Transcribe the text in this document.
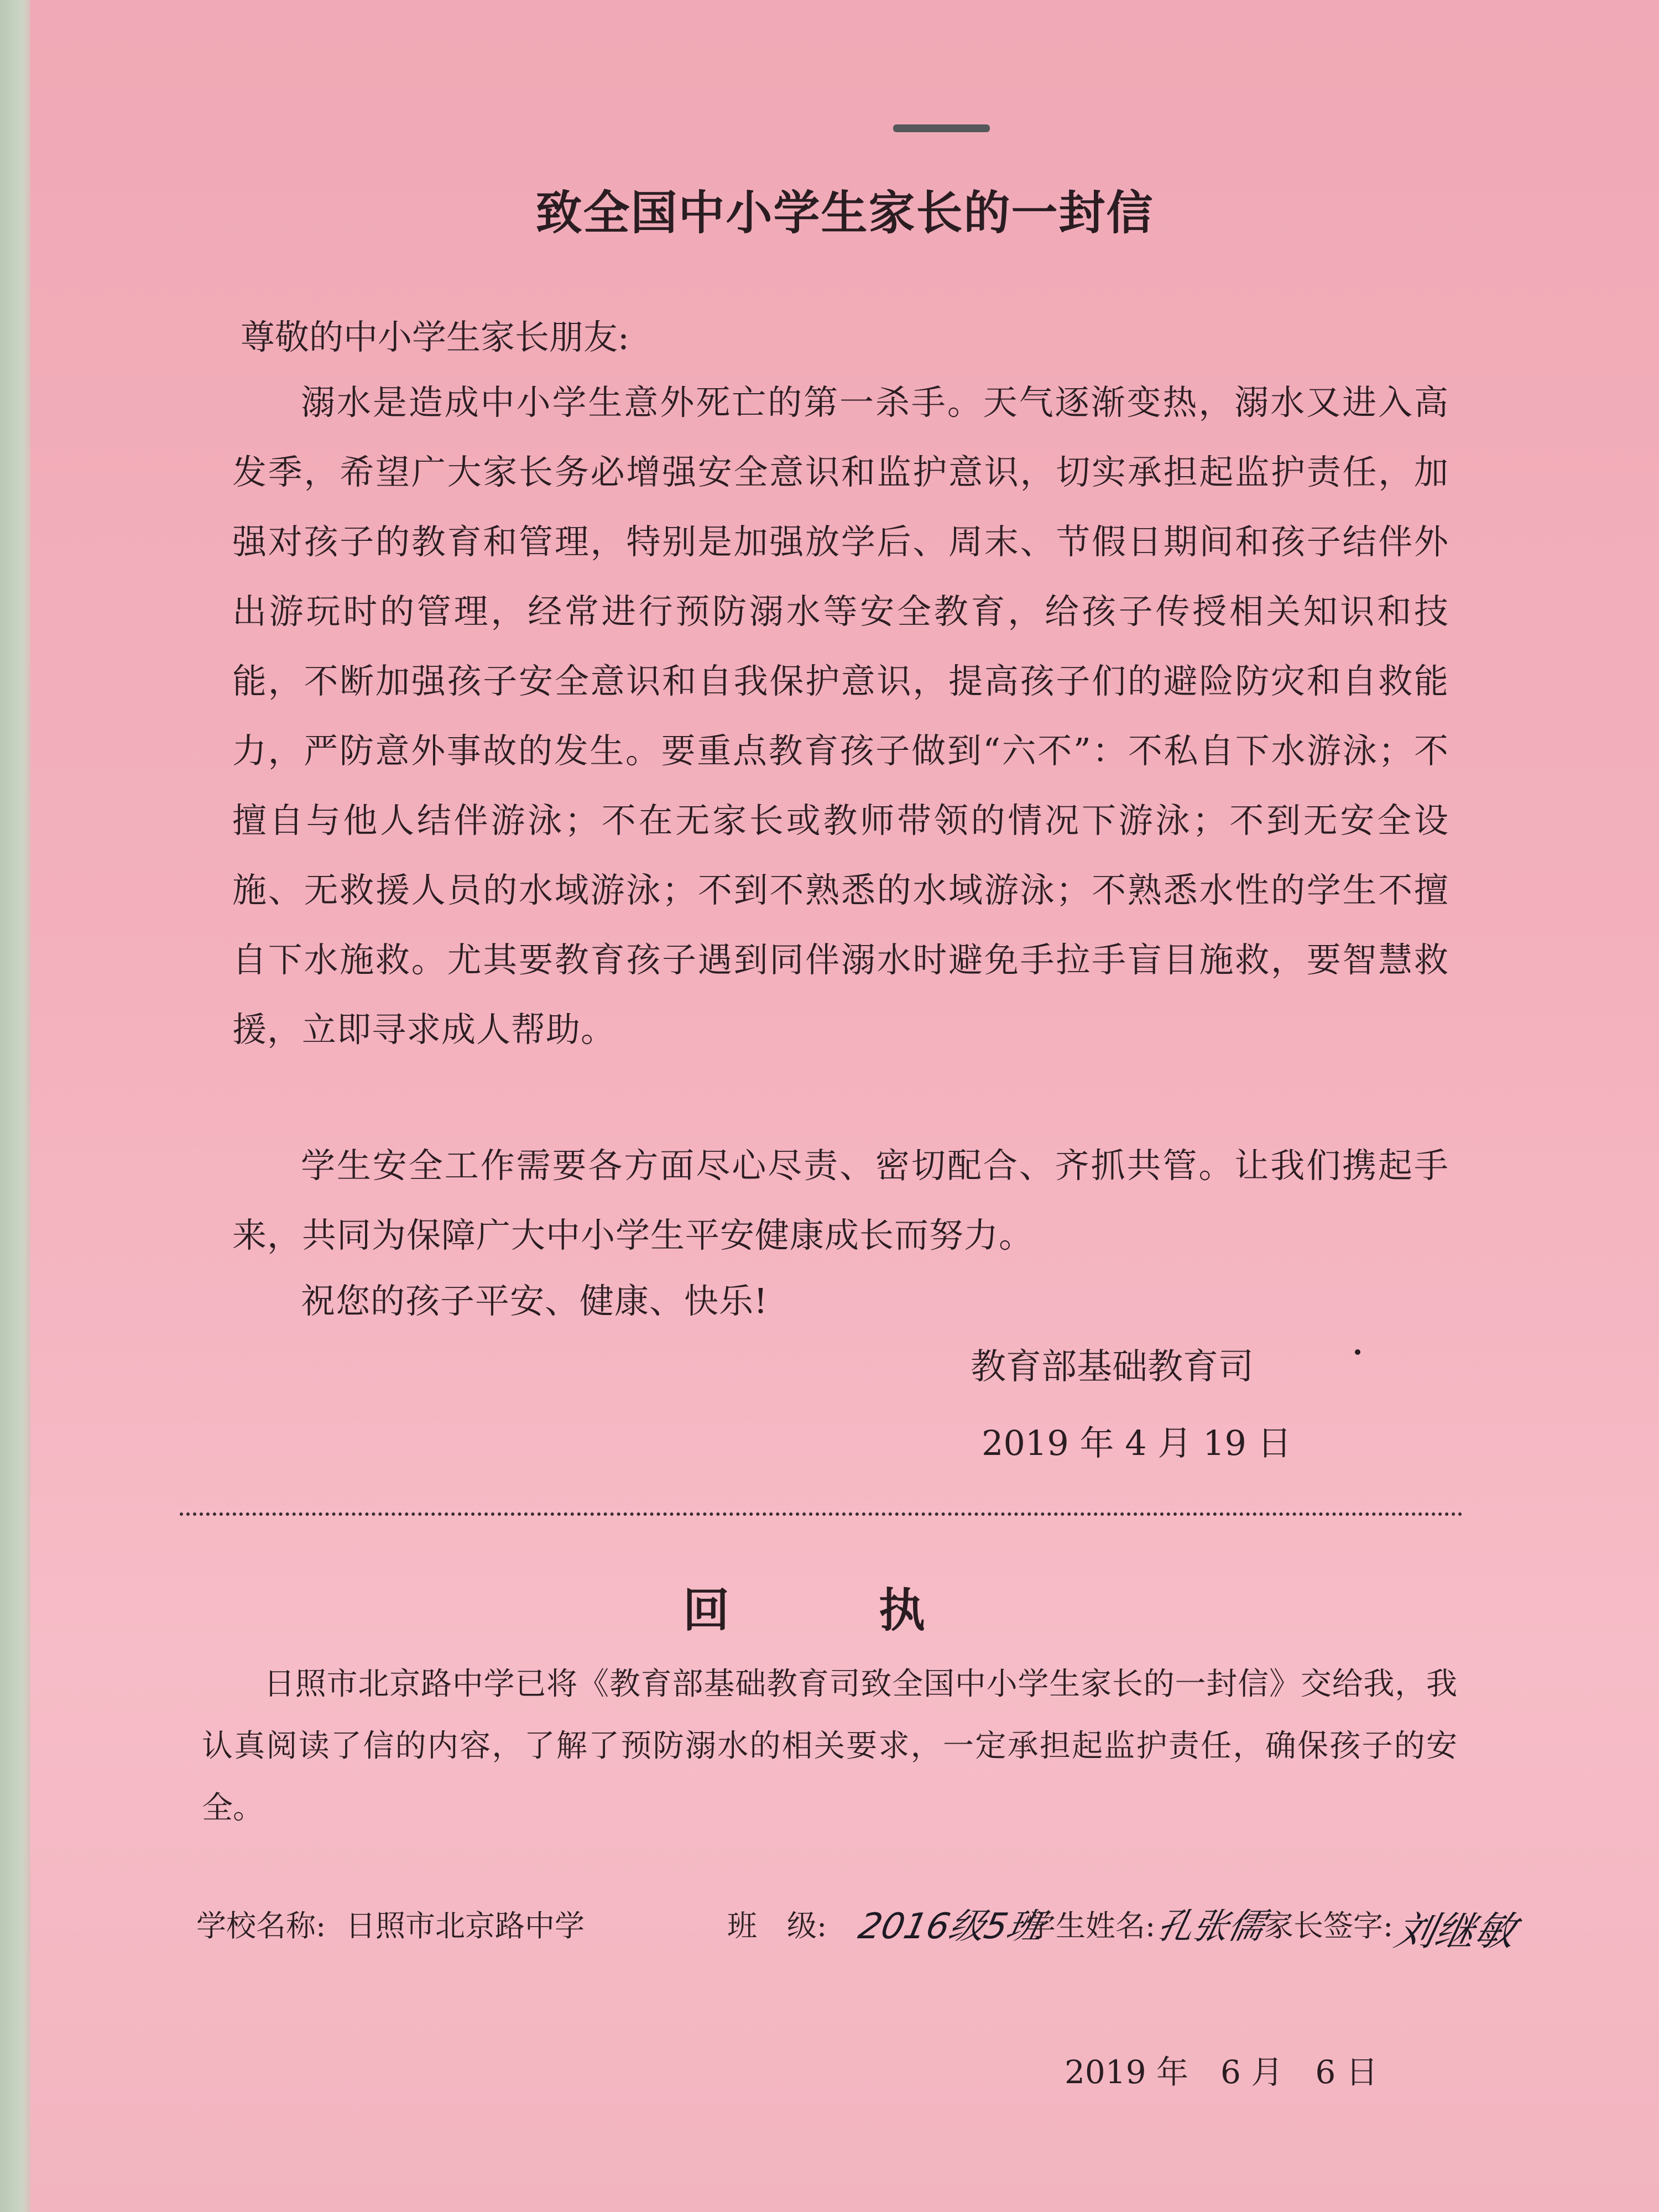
致全国中小学生家长的一封信
尊敬的中小学生家长朋友:

溺水是造成中小学生意外死亡的第一杀手。天气逐渐变热，溺水又进入高发季，希望广大家长务必增强安全意识和监护意识，切实承担起监护责任，加强对孩子的教育和管理，特别是加强放学后、周末、节假日期间和孩子结伴外出游玩时的管理，经常进行预防溺水等安全教育，给孩子传授相关知识和技能，不断加强孩子安全意识和自我保护意识，提高孩子们的避险防灾和自救能力，严防意外事故的发生。要重点教育孩子做到“六不”：不私自下水游泳；不擅自与他人结伴游泳；不在无家长或教师带领的情况下游泳；不到无安全设施、无救援人员的水域游泳；不到不熟悉的水域游泳；不熟悉水性的学生不擅自下水施救。尤其要教育孩子遇到同伴溺水时避免手拉手盲目施救，要智慧救援，立即寻求成人帮助。

学生安全工作需要各方面尽心尽责、密切配合、齐抓共管。让我们携起手来，共同为保障广大中小学生平安健康成长而努力。

祝您的孩子平安、健康、快乐!

教育部基础教育司
2019 年 4 月 19 日
回执

日照市北京路中学已将《教育部基础教育司致全国中小学生家长的一封信》交给我，我认真阅读了信的内容，了解了预防溺水的相关要求，一定承担起监护责任，确保孩子的安全。

学校名称: 日照市北京路中学	班　级: 2016级5班
学生姓名:
孔张儒
家长签字:
刘继敏
2019 年　6 月　6 日
